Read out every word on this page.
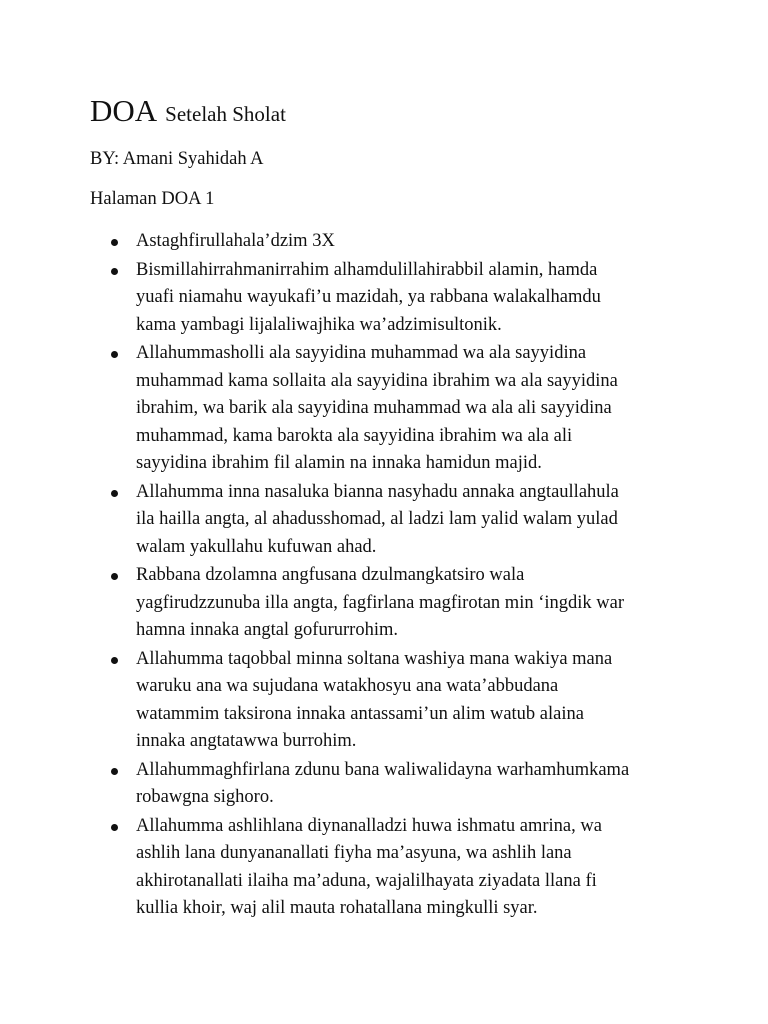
DOA Setelah Sholat

BY: Amani Syahidah A

Halaman DOA 1

Astaghfirullahala’dzim 3X
Bismillahirrahmanirrahim alhamdulillahirabbil alamin, hamda
yuafi niamahu wayukafi’u mazidah, ya rabbana walakalhamdu
kama yambagi lijalaliwajhika wa’adzimisultonik.
Allahummasholli ala sayyidina muhammad wa ala sayyidina
muhammad kama sollaita ala sayyidina ibrahim wa ala sayyidina
ibrahim, wa barik ala sayyidina muhammad wa ala ali sayyidina
muhammad, kama barokta ala sayyidina ibrahim wa ala ali
sayyidina ibrahim fil alamin na innaka hamidun majid.
Allahumma inna nasaluka bianna nasyhadu annaka angtaullahula
ila hailla angta, al ahadusshomad, al ladzi lam yalid walam yulad
walam yakullahu kufuwan ahad.
Rabbana dzolamna angfusana dzulmangkatsiro wala
yagfirudzzunuba illa angta, fagfirlana magfirotan min ‘ingdik war
hamna innaka angtal gofururrohim.
Allahumma taqobbal minna soltana washiya mana wakiya mana
waruku ana wa sujudana watakhosyu ana wata’abbudana
watammim taksirona innaka antassami’un alim watub alaina
innaka angtatawwa burrohim.
Allahummaghfirlana zdunu bana waliwalidayna warhamhumkama
robawgna sighoro.
Allahumma ashlihlana diynanalladzi huwa ishmatu amrina, wa
ashlih lana dunyananallati fiyha ma’asyuna, wa ashlih lana
akhirotanallati ilaiha ma’aduna, wajalilhayata ziyadata llana fi
kullia khoir, waj alil mauta rohatallana mingkulli syar.
